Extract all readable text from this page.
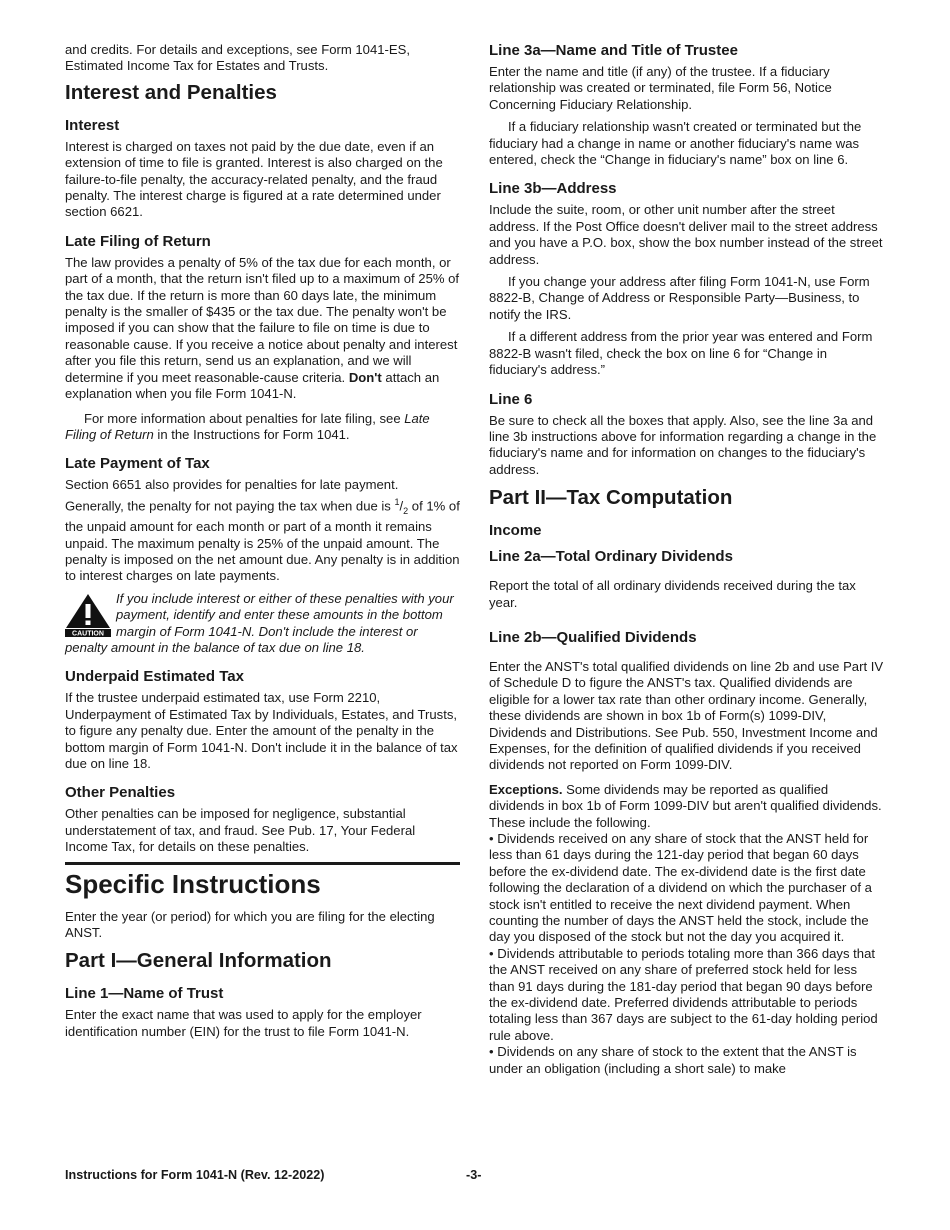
and credits. For details and exceptions, see Form 1041-ES, Estimated Income Tax for Estates and Trusts.

Interest and Penalties
Interest

Interest is charged on taxes not paid by the due date, even if an extension of time to file is granted. Interest is also charged on the failure-to-file penalty, the accuracy-related penalty, and the fraud penalty. The interest charge is figured at a rate determined under section 6621.

Late Filing of Return

The law provides a penalty of 5% of the tax due for each month, or part of a month, that the return isn't filed up to a maximum of 25% of the tax due. If the return is more than 60 days late, the minimum penalty is the smaller of $435 or the tax due. The penalty won't be imposed if you can show that the failure to file on time is due to reasonable cause. If you receive a notice about penalty and interest after you file this return, send us an explanation, and we will determine if you meet reasonable-cause criteria. Don't attach an explanation when you file Form 1041-N.

For more information about penalties for late filing, see Late Filing of Return in the Instructions for Form 1041.

Late Payment of Tax

Section 6651 also provides for penalties for late payment. Generally, the penalty for not paying the tax when due is $^1/_2$ of 1% of the unpaid amount for each month or part of a month it remains unpaid. The maximum penalty is 25% of the unpaid amount. The penalty is imposed on the net amount due. Any penalty is in addition to interest charges on late payments.

CAUTION

If you include interest or either of these penalties with your payment, identify and enter these amounts in the bottom margin of Form 1041-N. Don't include the interest or penalty amount in the balance of tax due on line 18.

Underpaid Estimated Tax

If the trustee underpaid estimated tax, use Form 2210, Underpayment of Estimated Tax by Individuals, Estates, and Trusts, to figure any penalty due. Enter the amount of the penalty in the bottom margin of Form 1041-N. Don't include it in the balance of tax due on line 18.

Other Penalties

Other penalties can be imposed for negligence, substantial understatement of tax, and fraud. See Pub. 17, Your Federal Income Tax, for details on these penalties.

Specific Instructions

Enter the year (or period) for which you are filing for the electing ANST.

Part I—General Information
Line 1—Name of Trust

Enter the exact name that was used to apply for the employer identification number (EIN) for the trust to file Form 1041-N.

Line 3a—Name and Title of Trustee

Enter the name and title (if any) of the trustee. If a fiduciary relationship was created or terminated, file Form 56, Notice Concerning Fiduciary Relationship.

If a fiduciary relationship wasn't created or terminated but the fiduciary had a change in name or another fiduciary's name was entered, check the “Change in fiduciary's name” box on line 6.

Line 3b—Address

Include the suite, room, or other unit number after the street address. If the Post Office doesn't deliver mail to the street address and you have a P.O. box, show the box number instead of the street address.

If you change your address after filing Form 1041-N, use Form 8822-B, Change of Address or Responsible Party—Business, to notify the IRS.

If a different address from the prior year was entered and Form 8822-B wasn't filed, check the box on line 6 for “Change in fiduciary's address.”

Line 6

Be sure to check all the boxes that apply. Also, see the line 3a and line 3b instructions above for information regarding a change in the fiduciary's name and for information on changes to the fiduciary's address.

Part II—Tax Computation
Income
Line 2a—Total Ordinary Dividends

Report the total of all ordinary dividends received during the tax year.

Line 2b—Qualified Dividends

Enter the ANST's total qualified dividends on line 2b and use Part IV of Schedule D to figure the ANST's tax. Qualified dividends are eligible for a lower tax rate than other ordinary income. Generally, these dividends are shown in box 1b of Form(s) 1099-DIV, Dividends and Distributions. See Pub. 550, Investment Income and Expenses, for the definition of qualified dividends if you received dividends not reported on Form 1099-DIV.

Exceptions. Some dividends may be reported as qualified dividends in box 1b of Form 1099-DIV but aren't qualified dividends. These include the following.

• Dividends received on any share of stock that the ANST held for less than 61 days during the 121-day period that began 60 days before the ex-dividend date. The ex-dividend date is the first date following the declaration of a dividend on which the purchaser of a stock isn't entitled to receive the next dividend payment. When counting the number of days the ANST held the stock, include the day you disposed of the stock but not the day you acquired it.

• Dividends attributable to periods totaling more than 366 days that the ANST received on any share of preferred stock held for less than 91 days during the 181-day period that began 90 days before the ex-dividend date. Preferred dividends attributable to periods totaling less than 367 days are subject to the 61-day holding period rule above.

• Dividends on any share of stock to the extent that the ANST is under an obligation (including a short sale) to make

Instructions for Form 1041-N (Rev. 12-2022)	-3-
